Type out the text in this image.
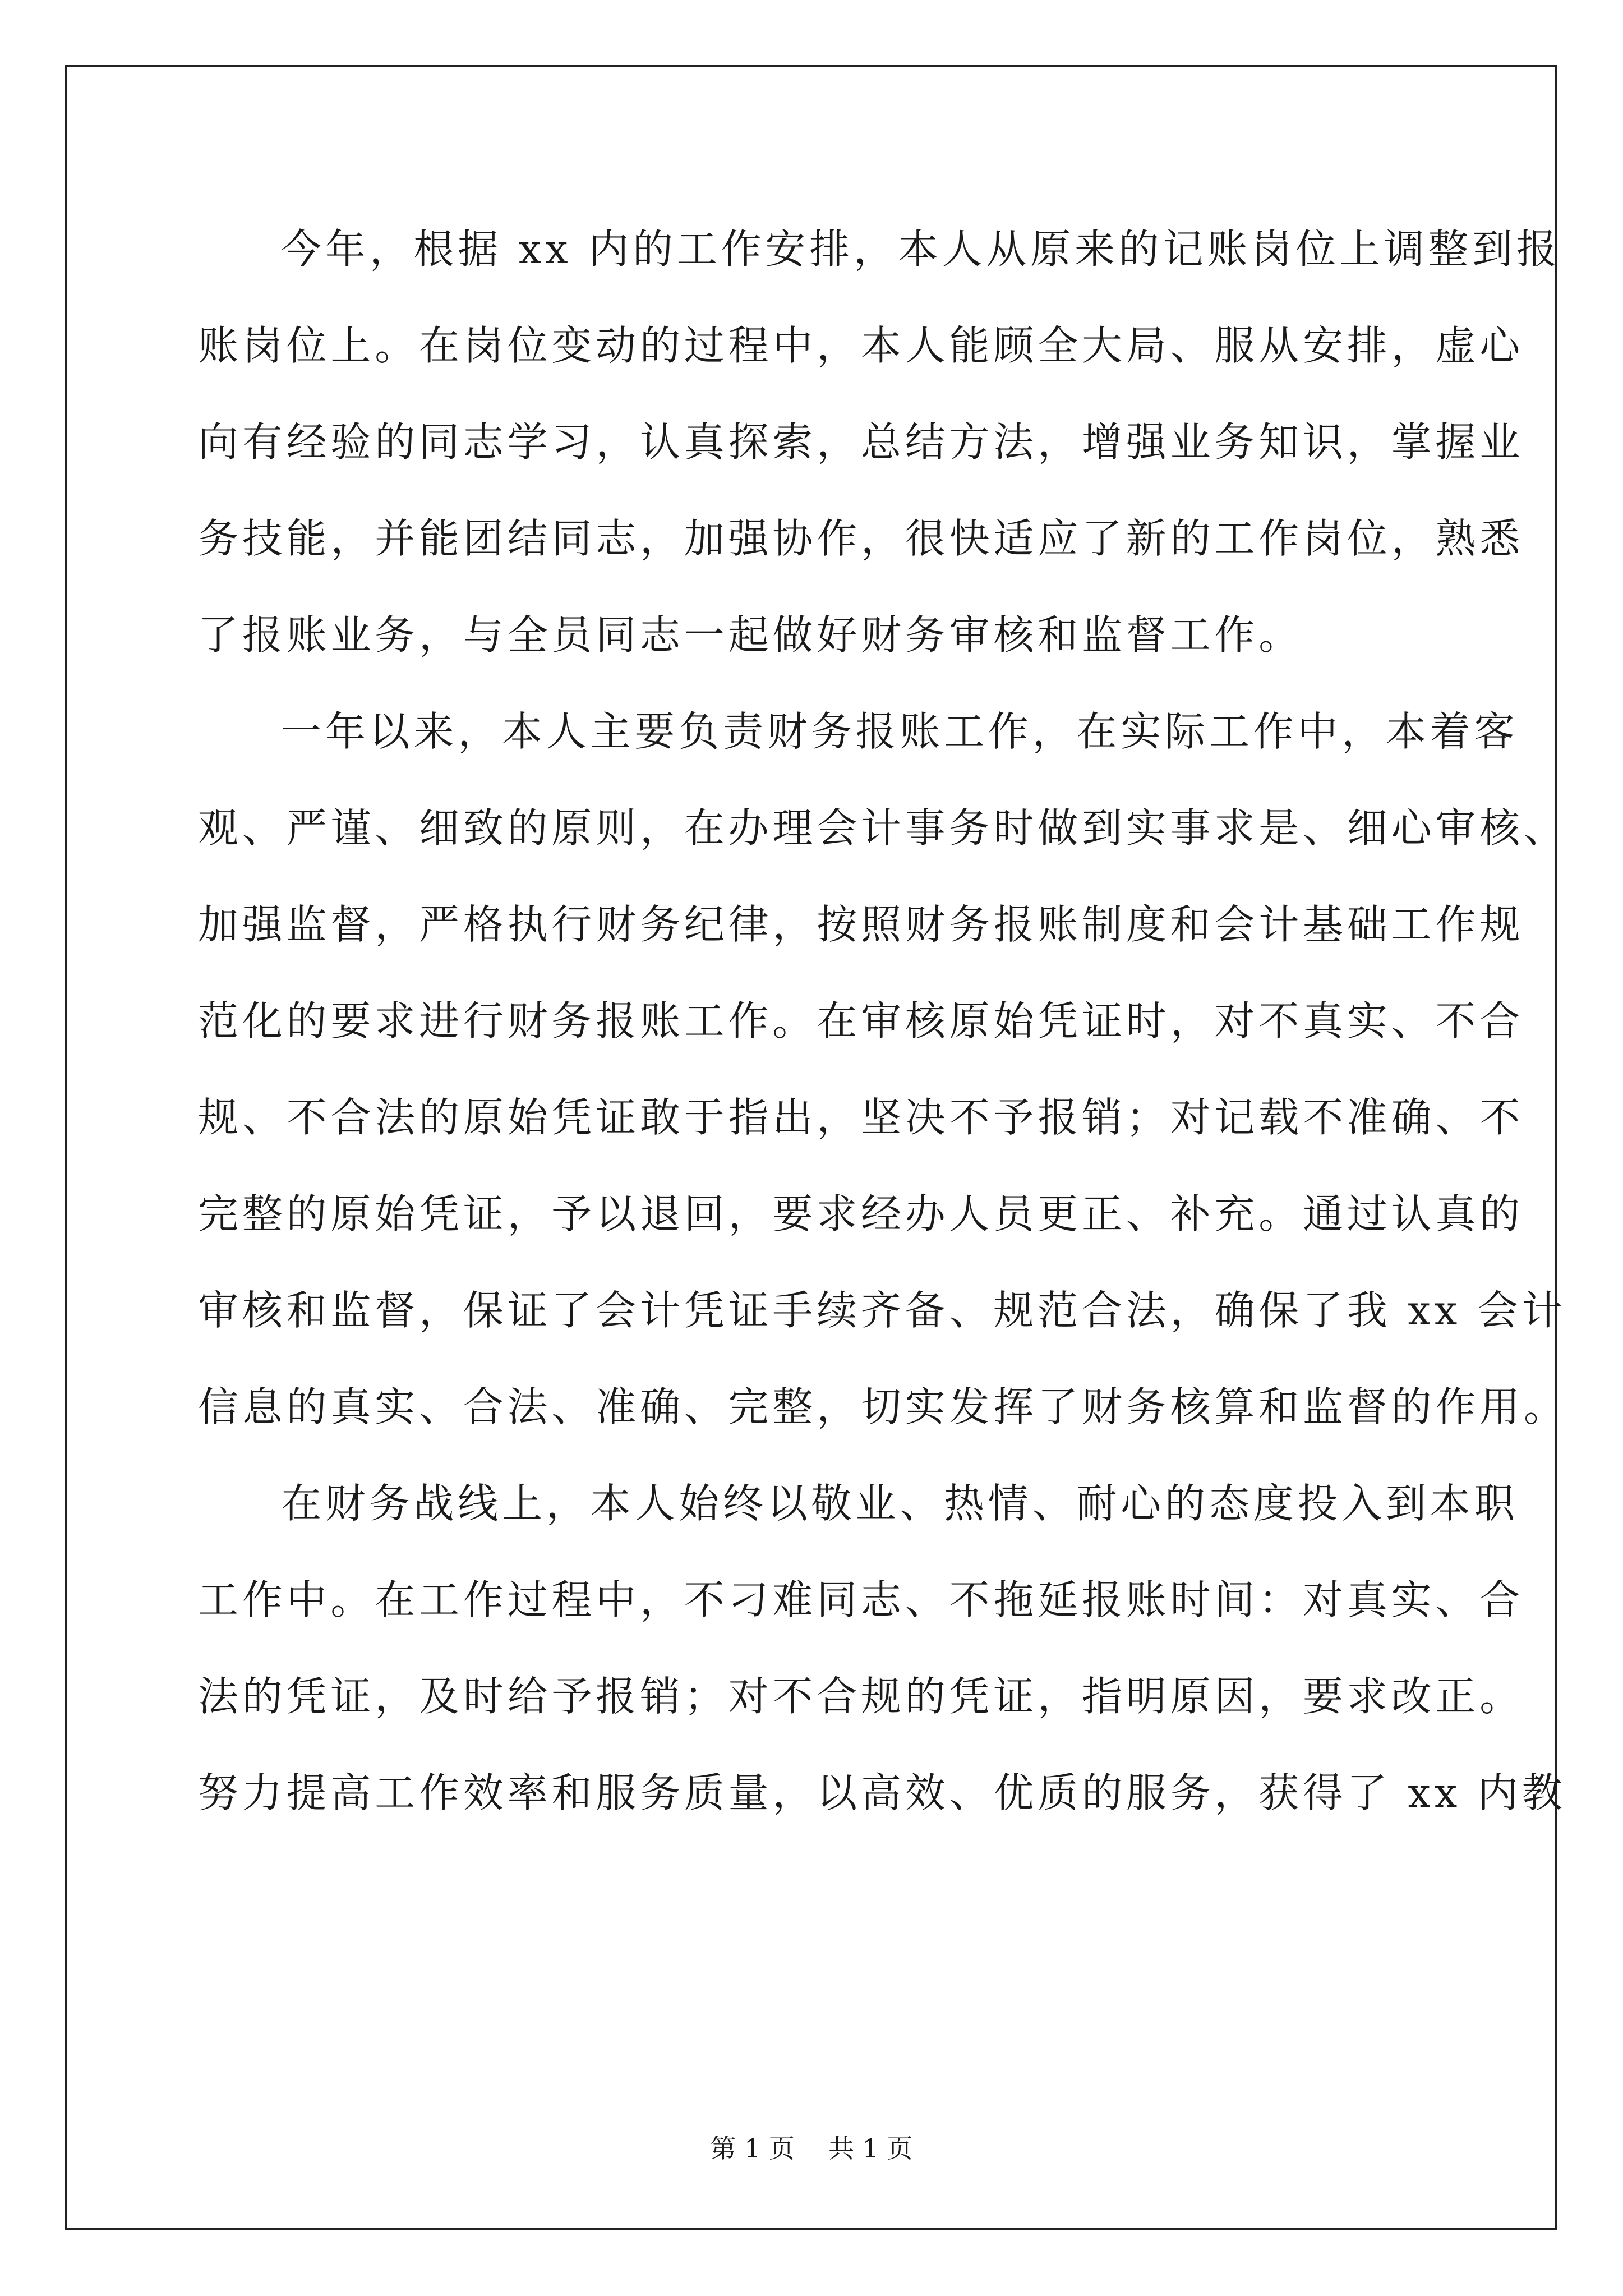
今年，根据 xx 内的工作安排，本人从原来的记账岗位上调整到报
账岗位上。在岗位变动的过程中，本人能顾全大局、服从安排，虚心
向有经验的同志学习，认真探索，总结方法，增强业务知识，掌握业
务技能，并能团结同志，加强协作，很快适应了新的工作岗位，熟悉
了报账业务，与全员同志一起做好财务审核和监督工作。
一年以来，本人主要负责财务报账工作，在实际工作中，本着客
观、严谨、细致的原则，在办理会计事务时做到实事求是、细心审核、
加强监督，严格执行财务纪律，按照财务报账制度和会计基础工作规
范化的要求进行财务报账工作。在审核原始凭证时，对不真实、不合
规、不合法的原始凭证敢于指出，坚决不予报销；对记载不准确、不
完整的原始凭证，予以退回，要求经办人员更正、补充。通过认真的
审核和监督，保证了会计凭证手续齐备、规范合法，确保了我 xx 会计
信息的真实、合法、准确、完整，切实发挥了财务核算和监督的作用。
在财务战线上，本人始终以敬业、热情、耐心的态度投入到本职
工作中。在工作过程中，不刁难同志、不拖延报账时间：对真实、合
法的凭证，及时给予报销；对不合规的凭证，指明原因，要求改正。
努力提高工作效率和服务质量，以高效、优质的服务，获得了 xx 内教
第 1 页 共 1 页
